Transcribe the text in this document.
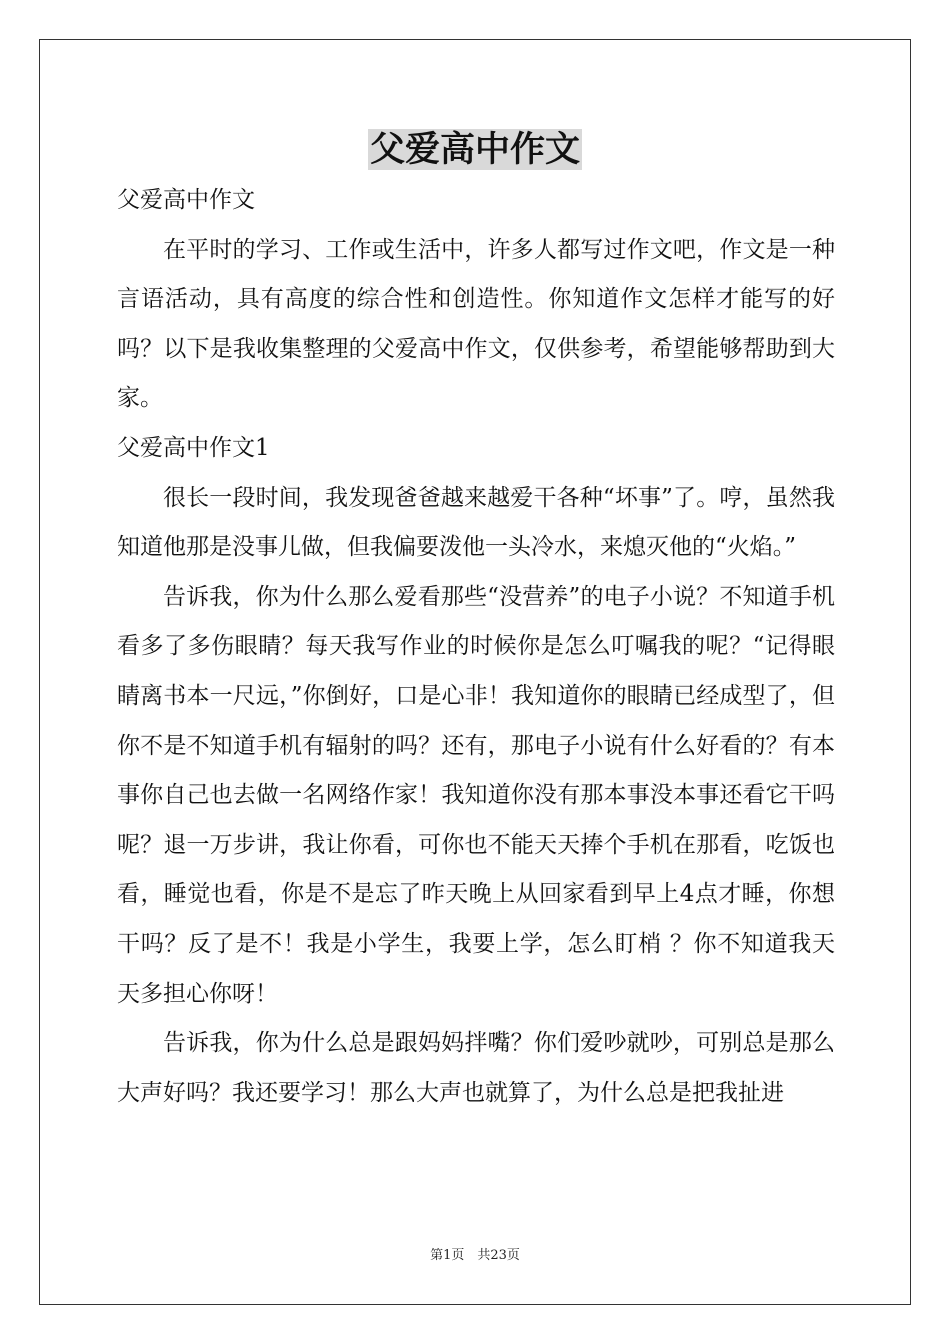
父爱高中作文

父爱高中作文

在平时的学习、工作或生活中，许多人都写过作文吧，作文是一种言语活动，具有高度的综合性和创造性。你知道作文怎样才能写的好吗？以下是我收集整理的父爱高中作文，仅供参考，希望能够帮助到大家。

父爱高中作文1

很长一段时间，我发现爸爸越来越爱干各种“坏事”了。哼，虽然我知道他那是没事儿做，但我偏要泼他一头冷水，来熄灭他的“火焰。”

告诉我，你为什么那么爱看那些“没营养”的电子小说？不知道手机看多了多伤眼睛？每天我写作业的时候你是怎么叮嘱我的呢？“记得眼睛离书本一尺远，”你倒好，口是心非！我知道你的眼睛已经成型了，但你不是不知道手机有辐射的吗？还有，那电子小说有什么好看的？有本事你自己也去做一名网络作家！我知道你没有那本事没本事还看它干吗呢？退一万步讲，我让你看，可你也不能天天捧个手机在那看，吃饭也看，睡觉也看，你是不是忘了昨天晚上从回家看到早上4点才睡，你想干吗？反了是不！我是小学生，我要上学，怎么盯梢 ？你不知道我天天多担心你呀！

告诉我，你为什么总是跟妈妈拌嘴？你们爱吵就吵，可别总是那么大声好吗？我还要学习！那么大声也就算了，为什么总是把我扯进

第1页　共23页
